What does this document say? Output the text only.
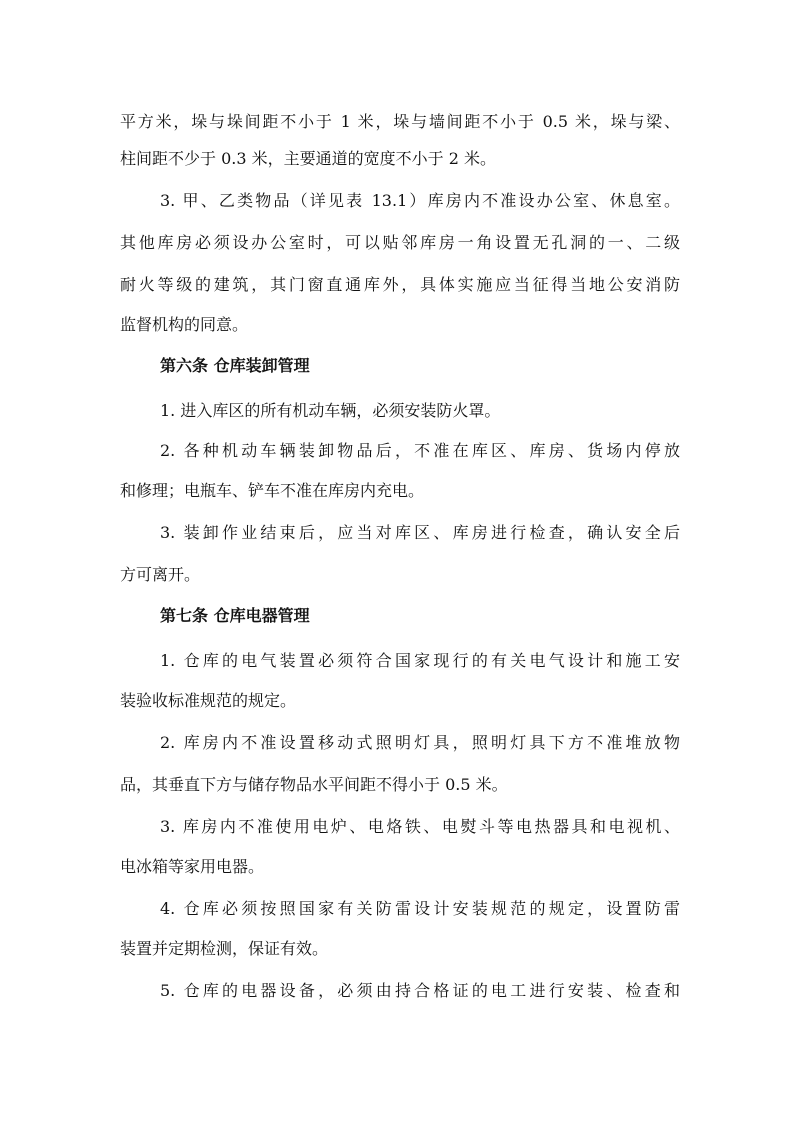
平方米，垛与垛间距不小于 1 米，垛与墙间距不小于 0.5 米，垛与梁、
柱间距不少于 0.3 米，主要通道的宽度不小于 2 米。
3. 甲、乙类物品（详见表 13.1）库房内不准设办公室、休息室。
其他库房必须设办公室时，可以贴邻库房一角设置无孔洞的一、二级
耐火等级的建筑，其门窗直通库外，具体实施应当征得当地公安消防
监督机构的同意。
第六条 仓库装卸管理
1. 进入库区的所有机动车辆，必须安装防火罩。
2. 各种机动车辆装卸物品后，不准在库区、库房、货场内停放
和修理；电瓶车、铲车不准在库房内充电。
3. 装卸作业结束后，应当对库区、库房进行检查，确认安全后
方可离开。
第七条 仓库电器管理
1. 仓库的电气装置必须符合国家现行的有关电气设计和施工安
装验收标准规范的规定。
2. 库房内不准设置移动式照明灯具，照明灯具下方不准堆放物
品，其垂直下方与储存物品水平间距不得小于 0.5 米。
3. 库房内不准使用电炉、电烙铁、电熨斗等电热器具和电视机、
电冰箱等家用电器。
4. 仓库必须按照国家有关防雷设计安装规范的规定，设置防雷
装置并定期检测，保证有效。
5. 仓库的电器设备，必须由持合格证的电工进行安装、检查和
